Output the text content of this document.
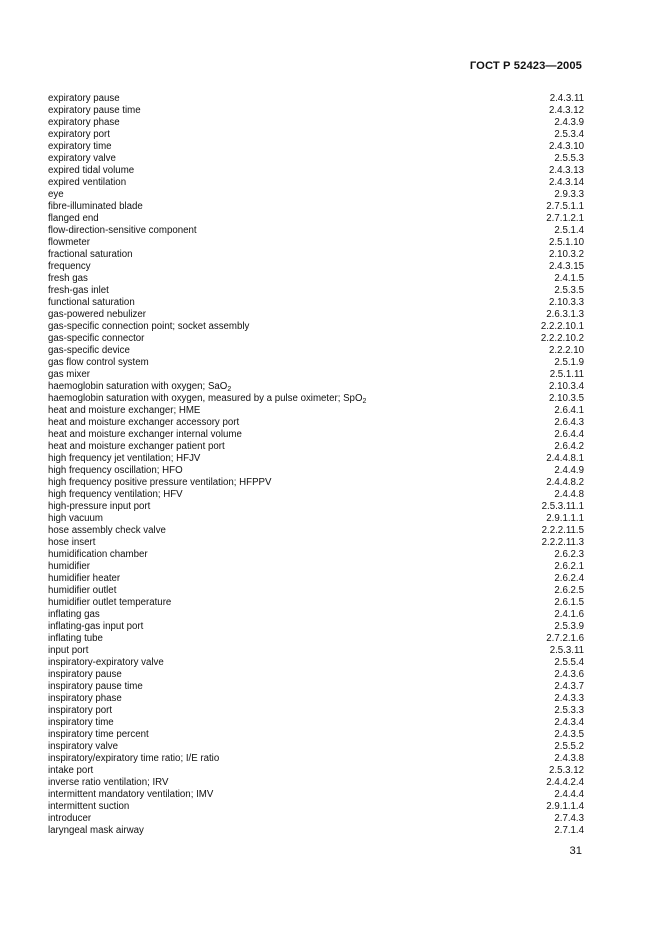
ГОСТ Р 52423—2005
expiratory pause	2.4.3.11
expiratory pause time	2.4.3.12
expiratory phase	2.4.3.9
expiratory port	2.5.3.4
expiratory time	2.4.3.10
expiratory valve	2.5.5.3
expired tidal volume	2.4.3.13
expired ventilation	2.4.3.14
eye	2.9.3.3
fibre-illuminated blade	2.7.5.1.1
flanged end	2.7.1.2.1
flow-direction-sensitive component	2.5.1.4
flowmeter	2.5.1.10
fractional saturation	2.10.3.2
frequency	2.4.3.15
fresh gas	2.4.1.5
fresh-gas inlet	2.5.3.5
functional saturation	2.10.3.3
gas-powered nebulizer	2.6.3.1.3
gas-specific connection point; socket assembly	2.2.2.10.1
gas-specific connector	2.2.2.10.2
gas-specific device	2.2.2.10
gas flow control system	2.5.1.9
gas mixer	2.5.1.11
haemoglobin saturation with oxygen; SaO$_2$	2.10.3.4
haemoglobin saturation with oxygen, measured by a pulse oximeter; SpO$_2$	2.10.3.5
heat and moisture exchanger; HME	2.6.4.1
heat and moisture exchanger accessory port	2.6.4.3
heat and moisture exchanger internal volume	2.6.4.4
heat and moisture exchanger patient port	2.6.4.2
high frequency jet ventilation; HFJV	2.4.4.8.1
high frequency oscillation; HFO	2.4.4.9
high frequency positive pressure ventilation; HFPPV	2.4.4.8.2
high frequency ventilation; HFV	2.4.4.8
high-pressure input port	2.5.3.11.1
high vacuum	2.9.1.1.1
hose assembly check valve	2.2.2.11.5
hose insert	2.2.2.11.3
humidification chamber	2.6.2.3
humidifier	2.6.2.1
humidifier heater	2.6.2.4
humidifier outlet	2.6.2.5
humidifier outlet temperature	2.6.1.5
inflating gas	2.4.1.6
inflating-gas input port	2.5.3.9
inflating tube	2.7.2.1.6
input port	2.5.3.11
inspiratory-expiratory valve	2.5.5.4
inspiratory pause	2.4.3.6
inspiratory pause time	2.4.3.7
inspiratory phase	2.4.3.3
inspiratory port	2.5.3.3
inspiratory time	2.4.3.4
inspiratory time percent	2.4.3.5
inspiratory valve	2.5.5.2
inspiratory/expiratory time ratio; I/E ratio	2.4.3.8
intake port	2.5.3.12
inverse ratio ventilation; IRV	2.4.4.2.4
intermittent mandatory ventilation; IMV	2.4.4.4
intermittent suction	2.9.1.1.4
introducer	2.7.4.3
laryngeal mask airway	2.7.1.4
31
